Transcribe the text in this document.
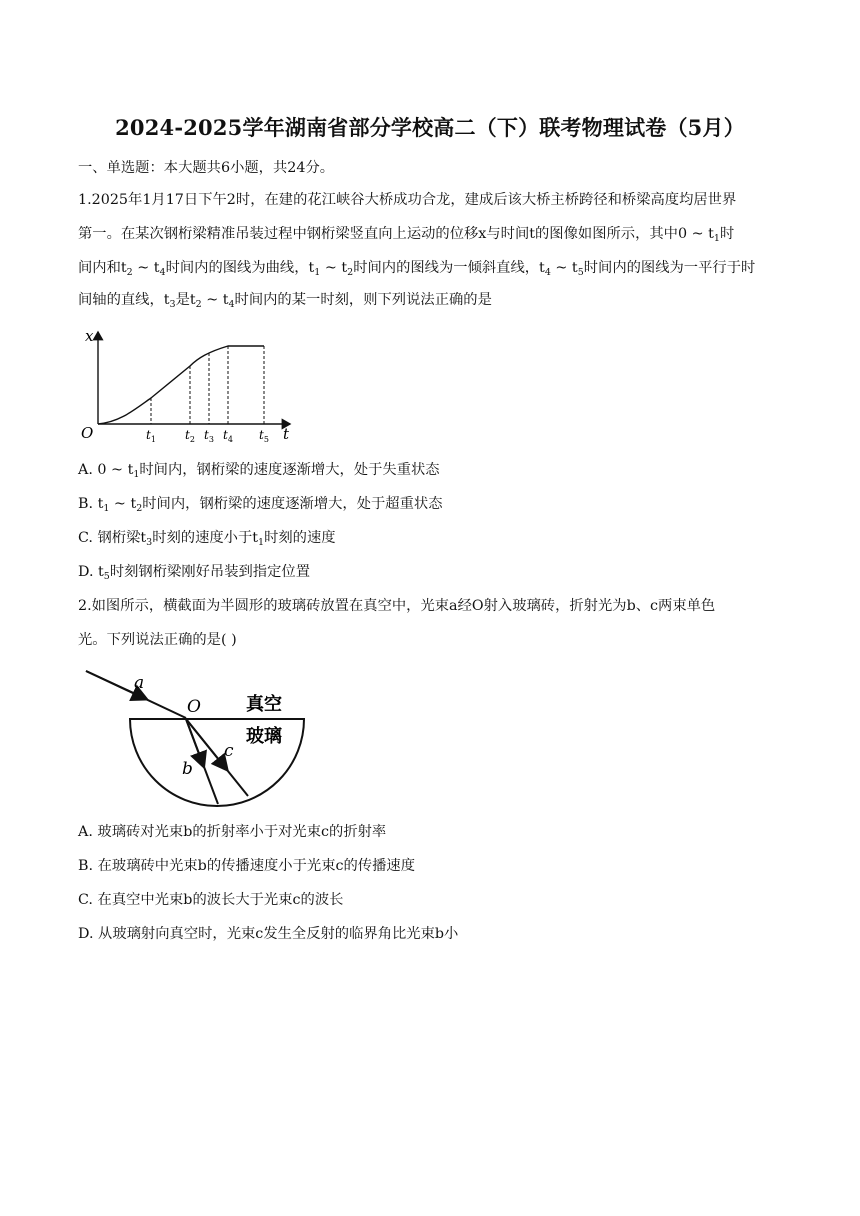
2024-2025学年湖南省部分学校高二（下）联考物理试卷（5月）
一、单选题：本大题共6小题，共24分。
1.2025年1月17日下午2时，在建的花江峡谷大桥成功合龙，建成后该大桥主桥跨径和桥梁高度均居世界
第一。在某次钢桁梁精准吊装过程中钢桁梁竖直向上运动的位移x与时间t的图像如图所示，其中0 ~ $t_1$时
间内和$t_2$ ~ $t_4$时间内的图线为曲线，$t_1$ ~ $t_2$时间内的图线为一倾斜直线，$t_4$ ~ $t_5$时间内的图线为一平行于时
间轴的直线，$t_3$是$t_2$ ~ $t_4$时间内的某一时刻，则下列说法正确的是
x
t
O	$t_1$ $t_2$ $t_3$ $t_4$ $t_5$
A. 0 ~ $t_1$时间内，钢桁梁的速度逐渐增大，处于失重状态
B. $t_1$ ~ $t_2$时间内，钢桁梁的速度逐渐增大，处于超重状态
C. 钢桁梁$t_3$时刻的速度小于$t_1$时刻的速度
D. $t_5$时刻钢桁梁刚好吊装到指定位置
2.如图所示，横截面为半圆形的玻璃砖放置在真空中，光束a经O射入玻璃砖，折射光为b、c两束单色
光。下列说法正确的是( )
a
O
b
c
真空
玻璃
A. 玻璃砖对光束b的折射率小于对光束c的折射率
B. 在玻璃砖中光束b的传播速度小于光束c的传播速度
C. 在真空中光束b的波长大于光束c的波长
D. 从玻璃射向真空时，光束c发生全反射的临界角比光束b小
